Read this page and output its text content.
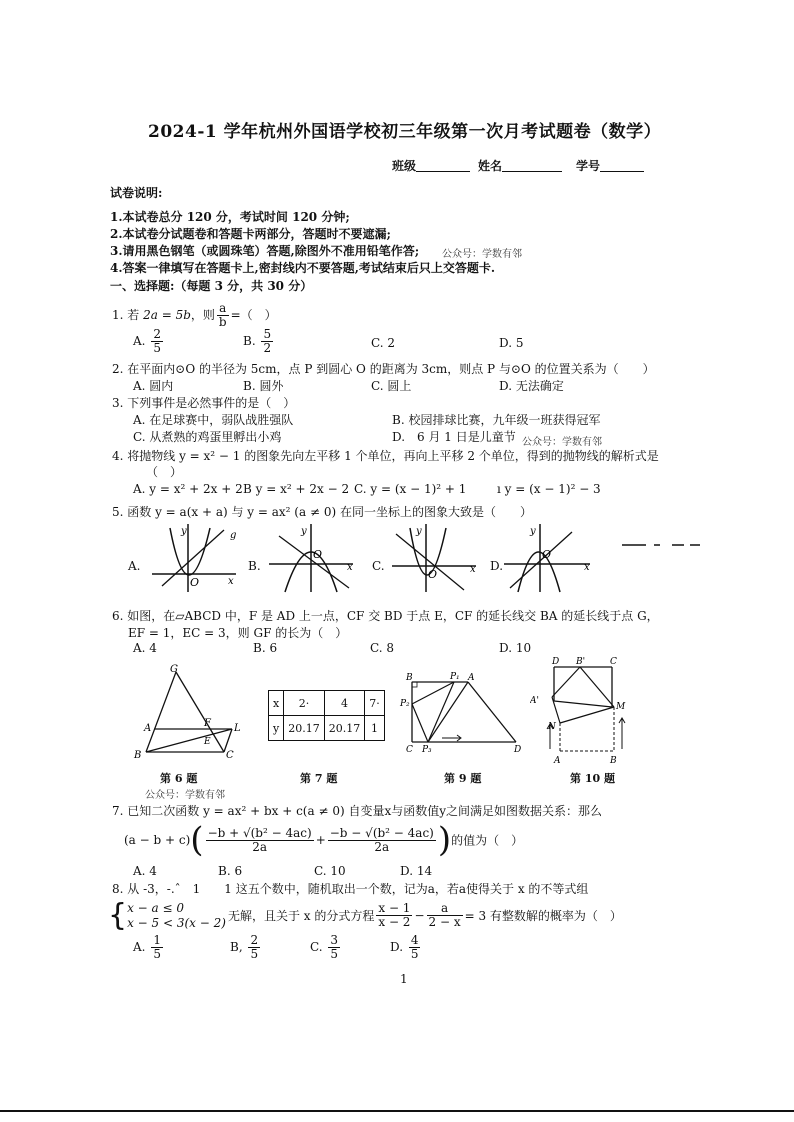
2024-1 学年杭州外国语学校初三年级第一次月考试题卷（数学）
班级	姓名	学号
试卷说明:
1.本试卷总分 120 分，考试时间 120 分钟;
2.本试卷分试题卷和答题卡两部分，答题时不要遮漏;
3.请用黑色钢笔（或圆珠笔）答题,除图外不准用铅笔作答; 公众号：学数有邻
4.答案一律填写在答题卡上,密封线内不要答题,考试结束后只上交答题卡.
一、选择题:（每题 3 分，共 30 分）
1. 若 2a = 5b，则 $\frac{a}{b}$ =（　）
A. $\frac{2}{5}$	B. $\frac{5}{2}$	C. 2	D. 5
2. 在平面内⊙O 的半径为 5cm，点 P 到圆心 O 的距离为 3cm，则点 P 与⊙O 的位置关系为（　　）
A. 圆内	B. 圆外	C. 圆上	D. 无法确定
3. 下列事件是必然事件的是（　）
A. 在足球赛中，弱队战胜强队	B. 校园排球比赛，九年级一班获得冠军
C. 从煮熟的鸡蛋里孵出小鸡	D.　6 月 1 日是儿童节 公众号：学数有邻
4. 将抛物线 y = x² − 1 的图象先向左平移 1 个单位，再向上平移 2 个单位，得到的抛物线的解析式是
（　）
A. y = x² + 2x + 2 B y = x² + 2x − 2 C. y = (x − 1)² + 1	ı y = (x − 1)² − 3
5. 函数 y = a(x + a) 与 y = ax² (a ≠ 0) 在同一坐标上的图象大致是（　　）
A.	B.	C.	D.
y
O	x
g	y
O
x
y
O	x
y
O
x
6. 如图，在▱ABCD 中，F 是 AD 上一点，CF 交 BD 于点 E，CF 的延长线交 BA 的延长线于点 G，
EF = 1，EC = 3，则 GF 的长为（　）
A. 4	B. 6	C. 8	D. 10
G
A	F
E
L
B	C
x	2·	4	7·
y	20.17	20.17	1
B	P₁ A
P₂
C P₃	D
D B'	C
A'
M
N
A	B
第 6 题	第 7 题	第 9 题	第 10 题
公众号：学数有邻
7. 已知二次函数 y = ax² + bx + c(a ≠ 0) 自变量x与函数值y之间满足如图数据关系：那么
$(a - b + c)( \frac{\text{−b + √(b² − 4ac)}}{2a} + \frac{\text{−b − √(b² − 4ac)}}{2a}$ )的值为（　）
A. 4	B. 6	C. 10	D. 14
8. 从 -3，-.ˆ　1　　1 这五个数中，随机取出一个数，记为a，若a使得关于 x 的不等式组
{ x − a ≤ 0
x − 5 < 3(x − 2) 无解，且关于 x 的分式方程 $\frac{x - 1}{x - 2} - \frac{a}{2 - x} = 3$ 有整数解的概率为（　）
A. $\frac{1}{5}$	B, $\frac{2}{5}$	C. $\frac{3}{5}$	D. $\frac{4}{5}$
1
